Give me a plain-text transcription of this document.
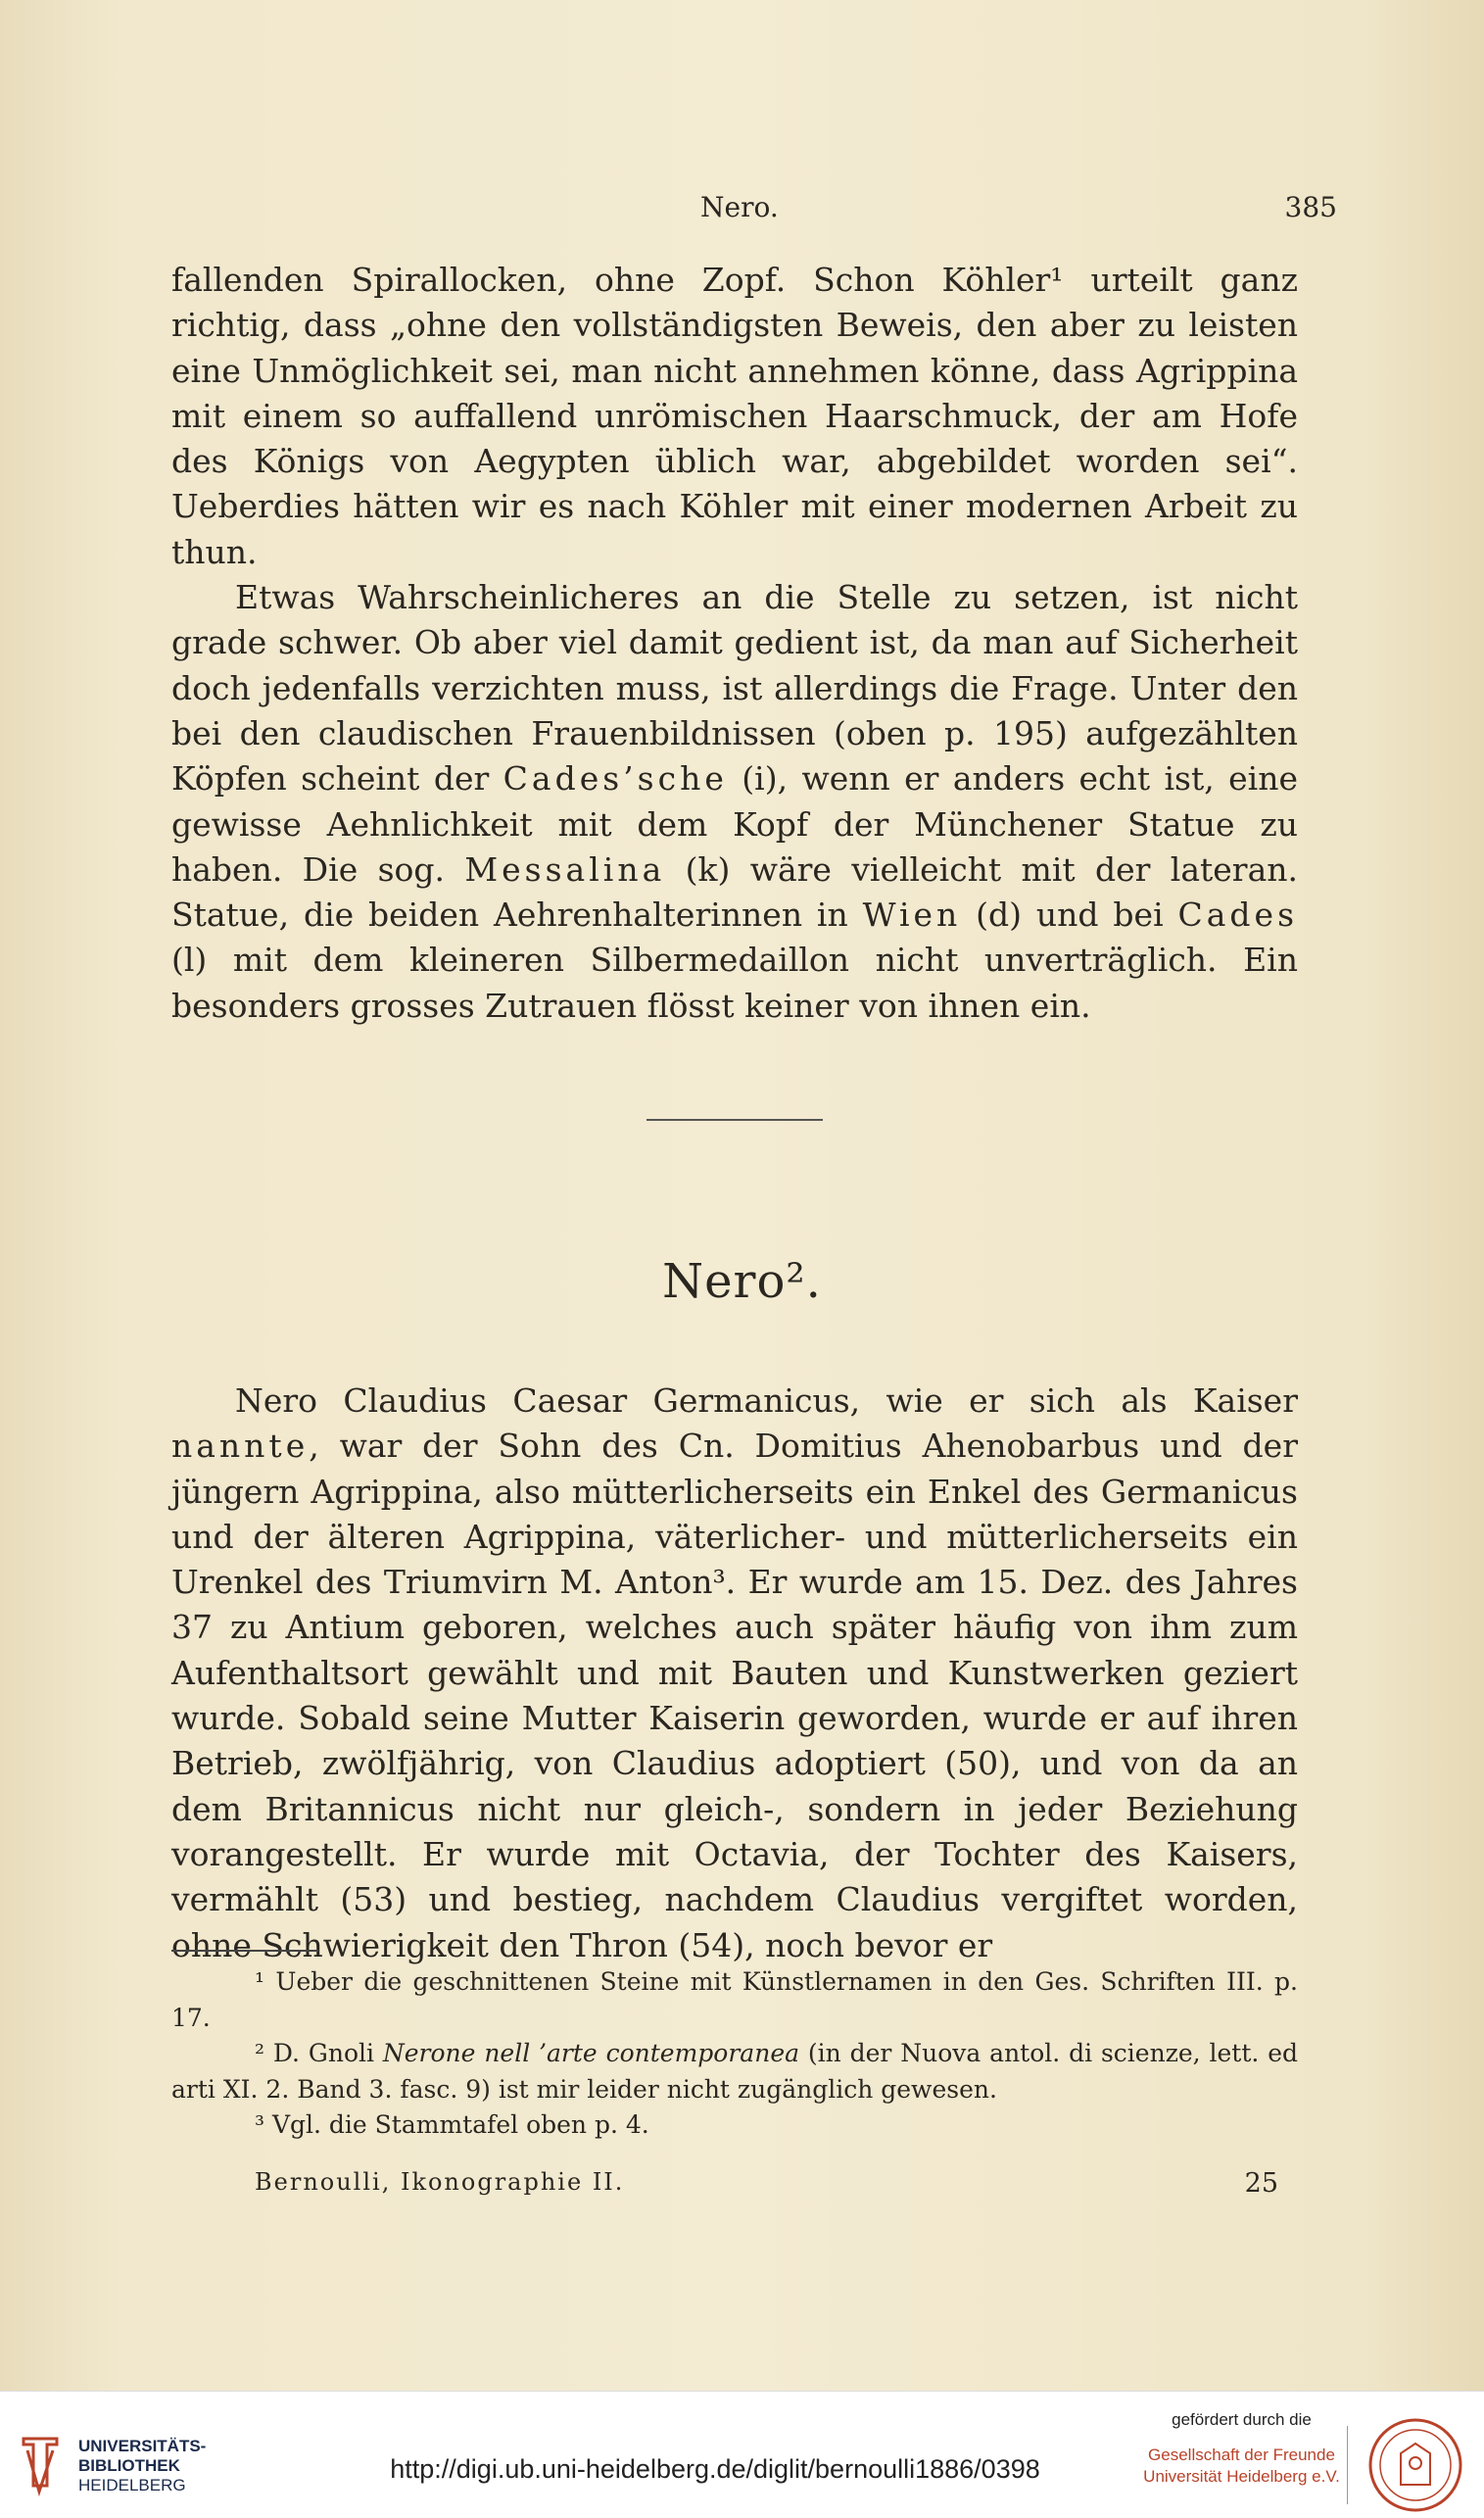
Nero.	385

fallenden Spirallocken, ohne Zopf. Schon Köhler¹ urteilt ganz richtig, dass „ohne den vollständigsten Beweis, den aber zu leisten eine Unmöglichkeit sei, man nicht annehmen könne, dass Agrippina mit einem so auffallend unrömischen Haarschmuck, der am Hofe des Königs von Aegypten üblich war, abgebildet worden sei“. Ueberdies hätten wir es nach Köhler mit einer modernen Arbeit zu thun.

Etwas Wahrscheinlicheres an die Stelle zu setzen, ist nicht grade schwer. Ob aber viel damit gedient ist, da man auf Sicherheit doch jedenfalls verzichten muss, ist allerdings die Frage. Unter den bei den claudischen Frauenbildnissen (oben p. 195) aufgezählten Köpfen scheint der Cades’sche (i), wenn er anders echt ist, eine gewisse Aehnlichkeit mit dem Kopf der Münchener Statue zu haben. Die sog. Messalina (k) wäre vielleicht mit der lateran. Statue, die beiden Aehrenhalterinnen in Wien (d) und bei Cades (l) mit dem kleineren Silbermedaillon nicht unverträglich. Ein besonders grosses Zutrauen flösst keiner von ihnen ein.

Nero².

Nero Claudius Caesar Germanicus, wie er sich als Kaiser nannte, war der Sohn des Cn. Domitius Ahenobarbus und der jüngern Agrippina, also mütterlicherseits ein Enkel des Germanicus und der älteren Agrippina, väterlicher- und mütterlicherseits ein Urenkel des Triumvirn M. Anton³. Er wurde am 15. Dez. des Jahres 37 zu Antium geboren, welches auch später häufig von ihm zum Aufenthaltsort gewählt und mit Bauten und Kunstwerken geziert wurde. Sobald seine Mutter Kaiserin geworden, wurde er auf ihren Betrieb, zwölfjährig, von Claudius adoptiert (50), und von da an dem Britannicus nicht nur gleich-, sondern in jeder Beziehung vorangestellt. Er wurde mit Octavia, der Tochter des Kaisers, vermählt (53) und bestieg, nachdem Claudius vergiftet worden, ohne Schwierigkeit den Thron (54), noch bevor er

¹ Ueber die geschnittenen Steine mit Künstlernamen in den Ges. Schriften III. p. 17.

² D. Gnoli Nerone nell ’arte contemporanea (in der Nuova antol. di scienze, lett. ed arti XI. 2. Band 3. fasc. 9) ist mir leider nicht zugänglich gewesen.

³ Vgl. die Stammtafel oben p. 4.

Bernoulli, Ikonographie II.	25
UNIVERSITÄTS-
BIBLIOTHEK
HEIDELBERG
http://digi.ub.uni-heidelberg.de/diglit/bernoulli1886/0398
gefördert durch die
Gesellschaft der Freunde
Universität Heidelberg e.V.
